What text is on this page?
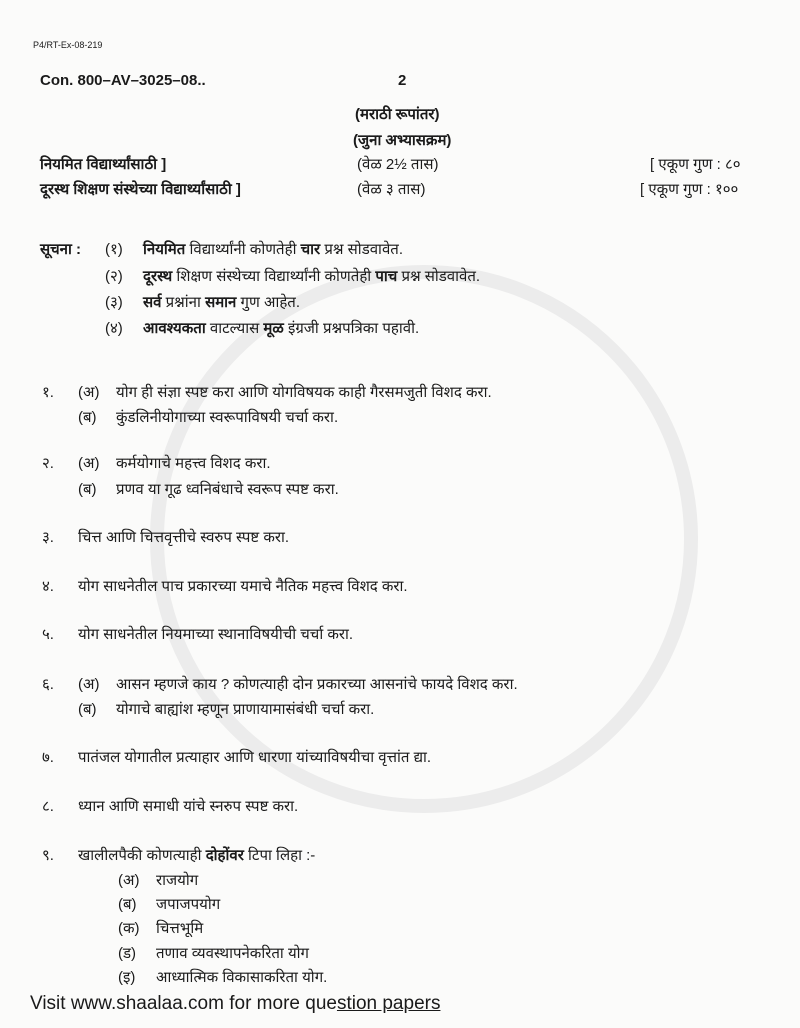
P4/RT-Ex-08-219
Con. 800–AV–3025–08..	2
(मराठी रूपांतर)
(जुना अभ्यासक्रम)
नियमित विद्यार्थ्यांसाठी ]	(वेळ 2½ तास)	[ एकूण गुण : ८०
दूरस्थ शिक्षण संस्थेच्या विद्यार्थ्यांसाठी ]	(वेळ ३ तास)	[ एकूण गुण : १००
सूचना : (१) नियमित विद्यार्थ्यांनी कोणतेही चार प्रश्न सोडवावेत.
(२) दूरस्थ शिक्षण संस्थेच्या विद्यार्थ्यांनी कोणतेही पाच प्रश्न सोडवावेत.
(३) सर्व प्रश्नांना समान गुण आहेत.
(४) आवश्यकता वाटल्यास मूळ इंग्रजी प्रश्नपत्रिका पहावी.
१. (अ) योग ही संज्ञा स्पष्ट करा आणि योगविषयक काही गैरसमजुती विशद करा.
(ब) कुंडलिनीयोगाच्या स्वरूपाविषयी चर्चा करा.
२. (अ) कर्मयोगाचे महत्त्व विशद करा.
(ब) प्रणव या गूढ ध्वनिबंधाचे स्वरूप स्पष्ट करा.
३. चित्त आणि चित्तवृत्तीचे स्वरुप स्पष्ट करा.
४. योग साधनेतील पाच प्रकारच्या यमाचे नैतिक महत्त्व विशद करा.
५. योग साधनेतील नियमाच्या स्थानाविषयीची चर्चा करा.
६. (अ) आसन म्हणजे काय ? कोणत्याही दोन प्रकारच्या आसनांचे फायदे विशद करा.
(ब) योगाचे बाह्यांश म्हणून प्राणायामासंबंधी चर्चा करा.
७. पातंजल योगातील प्रत्याहार आणि धारणा यांच्याविषयीचा वृत्तांत द्या.
८. ध्यान आणि समाधी यांचे स्नरुप स्पष्ट करा.
९. खालीलपैकी कोणत्याही दोहोंवर टिपा लिहा :-
(अ) राजयोग
(ब) जपाजपयोग
(क) चित्तभूमि
(ड) तणाव व्यवस्थापनेकरिता योग
(इ) आध्यात्मिक विकासाकरिता योग.
Visit www.shaalaa.com for more question papers
